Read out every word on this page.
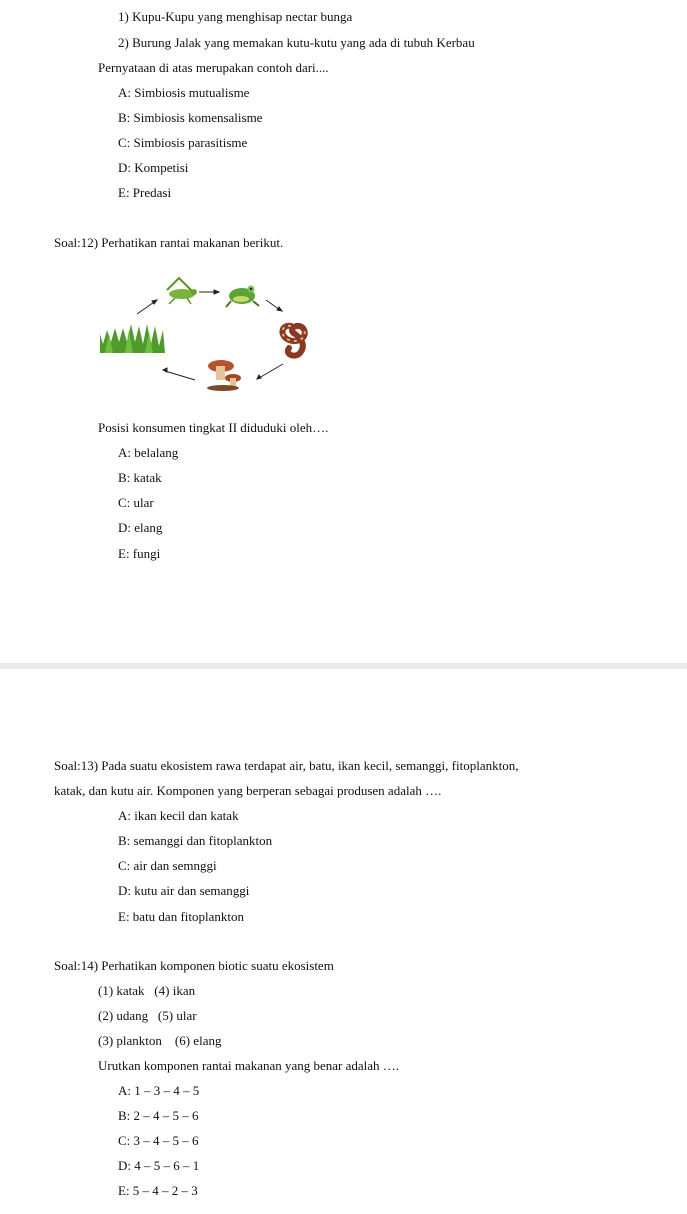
1) Kupu-Kupu yang menghisap nectar bunga
2) Burung Jalak yang memakan kutu-kutu yang ada di tubuh Kerbau
Pernyataan di atas merupakan contoh dari....
A: Simbiosis mutualisme
B: Simbiosis komensalisme
C: Simbiosis parasitisme
D: Kompetisi
E: Predasi
Soal:12) Perhatikan rantai makanan berikut.
Posisi konsumen tingkat II diduduki oleh….
A: belalang
B: katak
C: ular
D: elang
E: fungi
Soal:13) Pada suatu ekosistem rawa terdapat air, batu, ikan kecil, semanggi, fitoplankton,
katak, dan kutu air. Komponen yang berperan sebagai produsen adalah ….
A: ikan kecil dan katak
B: semanggi dan fitoplankton
C: air dan semnggi
D: kutu air dan semanggi
E: batu dan fitoplankton
Soal:14) Perhatikan komponen biotic suatu ekosistem
(1) katak   (4) ikan
(2) udang   (5) ular
(3) plankton    (6) elang
Urutkan komponen rantai makanan yang benar adalah ….
A: 1 – 3 – 4 – 5
B: 2 – 4 – 5 – 6
C: 3 – 4 – 5 – 6
D: 4 – 5 – 6 – 1
E: 5 – 4 – 2 – 3
